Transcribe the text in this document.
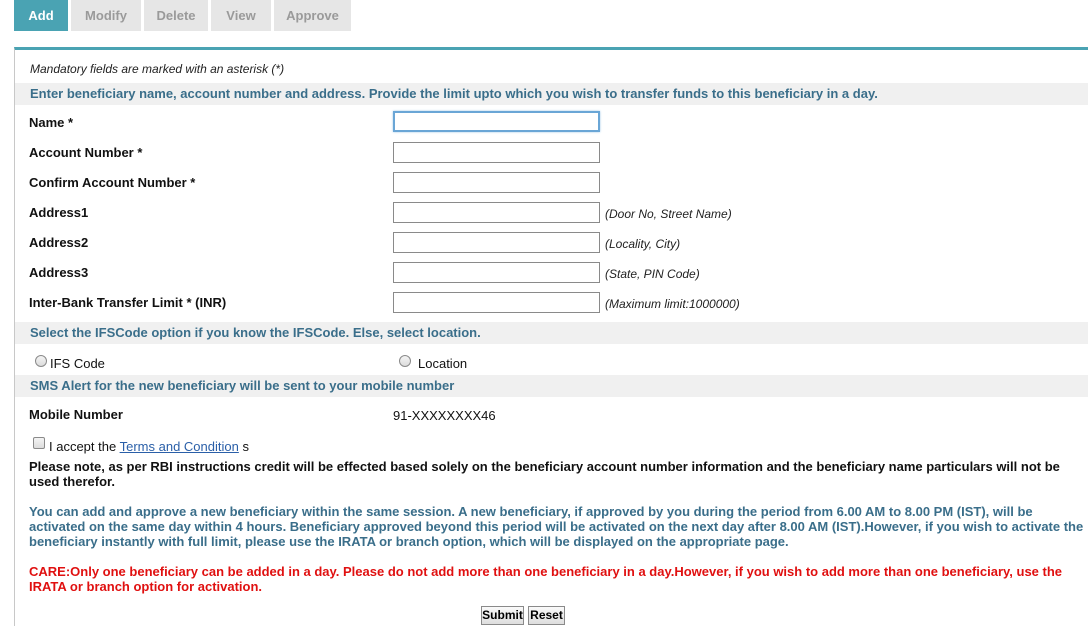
Add	Modify	Delete	View	Approve
Mandatory fields are marked with an asterisk (*)
Enter beneficiary name, account number and address. Provide the limit upto which you wish to transfer funds to this beneficiary in a day.
Name *
Account Number *
Confirm Account Number *
Address1	(Door No, Street Name)
Address2	(Locality, City)
Address3	(State, PIN Code)
Inter-Bank Transfer Limit * (INR)	(Maximum limit:1000000)
Select the IFSCode option if you know the IFSCode. Else, select location.
IFS Code	Location
SMS Alert for the new beneficiary will be sent to your mobile number
Mobile Number	91-XXXXXXXX46
I accept the Terms and Condition s
Please note, as per RBI instructions credit will be effected based solely on the beneficiary account number information and the beneficiary name particulars will not be used therefor.
You can add and approve a new beneficiary within the same session. A new beneficiary, if approved by you during the period from 6.00 AM to 8.00 PM (IST), will be activated on the same day within 4 hours. Beneficiary approved beyond this period will be activated on the next day after 8.00 AM (IST).However, if you wish to activate the beneficiary instantly with full limit, please use the IRATA or branch option, which will be displayed on the appropriate page.
CARE:Only one beneficiary can be added in a day. Please do not add more than one beneficiary in a day.However, if you wish to add more than one beneficiary, use the IRATA or branch option for activation.
Submit Reset
